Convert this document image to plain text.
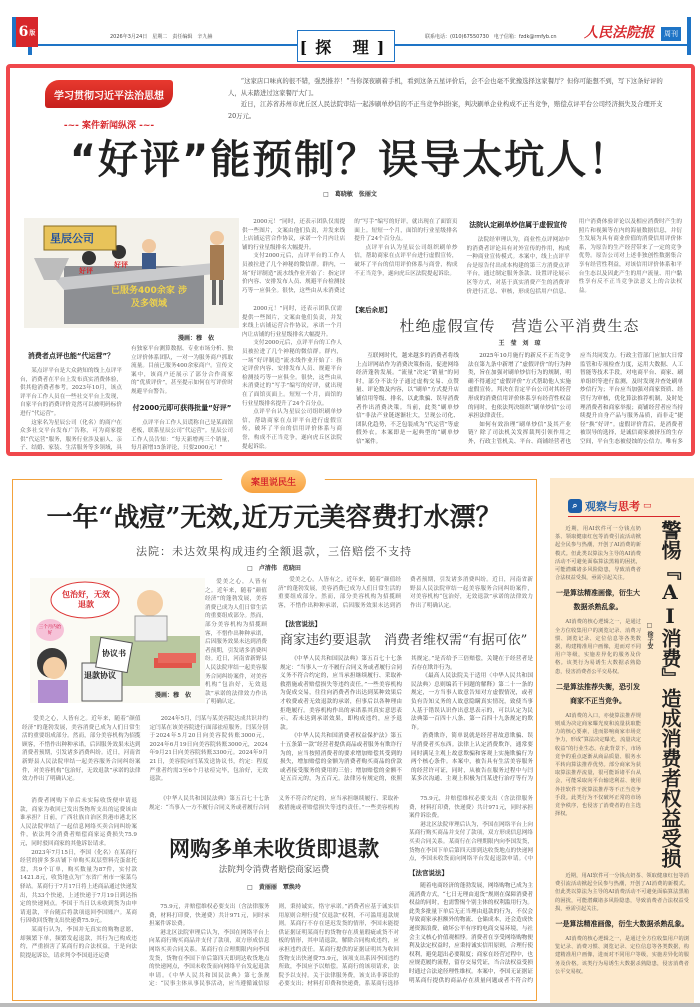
6 版
2026年3月24日　 星期二　 责任编辑　辛九赫
[探 理]
联系电话：(010)67550730　 电子信箱：fzdk@rmfyb.cn 人民法院报	周刊
学习贯彻习近平法治思想
-~- 案件新闻纵深 -~-

“这家店口味真的很不错，强烈推荐！”当你深夜刷着手机，看到这条五星评价后，会不会也毫不犹豫选择这家餐厅？但你可能想不到，写下这条好评的人，从未踏进过这家餐厅大门。

近日，江苏省苏州市虎丘区人民法院审结一起涉刷单炒信的不正当竞争纠纷案，判决刷单企业构成不正当竞争，赔偿点评平台公司经济损失及合理开支20万元。

“好评”能预制？误导太坑人！
□　葛晓敏　张丽文
星辰公司
已服务400余家 涉及多领域
好评
好评
漫画：穆　依

2000元！”同时，还表示团队仅需提供一些图片，文案由他们负责，并发来线上店铺运营合作协议，承诺一个月内让店铺的行业星级排名大幅提升。

支付2000元后，点评平台的工作人员被拉进了几个神秘的微信群。群内，一场“好评制造”流水线作业开始了：指定评价内容、安排发布人员、规避平台检测技巧等一应俱全。很快，这些由从未消费过的“写手”编写的好评，就出现在了面馆页面上。短短一个月，面馆的行业星级排名提升了24个百分点。

点评平台认为星辰公司组织刷单炒信，帮助商家在点评平台进行虚假宣传，破坏了平台的信用评价体系与商誉，构成不正当竞争，遂向虎丘区法院提起诉讼。

法院认定刷单炒信属于虚假宣传

法院经审理认为，商业性点评网站中的消费者评论具有对外宣传的作用，构成一种商业宣传模式。本案中，线上点评平台是原告付出成本构建的第三方消费点评平台，通过制定服务条款、设置评论展示区等方式，对基于真实消费产生的消费评价进行汇总、审核，形成包括用户信息、用户消费体验评论以及相应消费时产生的照片和视频等在内的海量数据信息，并衍生发展为具有商业价值的消费信用评价体系，为原告的生产经营带来了一定的竞争优势。原告公司对上述非独创性数据集合享有经营性利益，对该信用评价体系和平台生态以及因此产生的用户流量、用户黏性享有反不正当竞争法意义上的合法权益。

消费者点评也能“代运营”？

某点评平台是大众熟知的线上点评平台，消费者在平台上发布真实消费体验，供其他消费者参考。2023年10月，该点评平台工作人员在一些社交平台上发现，自家平台的消费评价竟然可以被明码标价进行“代运营”。

这家名为星辰公司（化名）的商户在众多社交平台发布广告称，可为商家提供“代运营”服务，服务行业涉及丽人、亲子、结婚、家装、生活服务等多领域，具有独家平台测算数据、专业市场分析、独立评价体系团队，一对一为服务商户抓取流量。目前已服务400余家商户。宣传文案中，该商户还展示了部分合作商家的“优质评价”，甚至提示如何在写评价时规避平台警告。

付2000元即可获得批量“好评”

点评平台工作人员谎称自己是某面馆老板，联系星辰公司“代运营”。星辰公司工作人员告知：“每天新增两三个销量，每月新增15条评论，只要2000元！”

2000元！”同时，还表示团队仅需提供一些图片，文案由他们负责，并发来线上店铺运营合作协议，承诺一个月内让店铺的行业星级排名大幅提升。

支付2000元后，点评平台的工作人员被拉进了几个神秘的微信群。群内，一场“好评制造”流水线作业开始了：指定评价内容、安排发布人员、规避平台检测技巧等一应俱全。很快，这些由从未消费过的“写手”编写的好评，就出现在了面馆页面上。短短一个月，面馆的行业星级排名提升了24个百分点。

点评平台认为星辰公司组织刷单炒信，帮助商家在点评平台进行虚假宣传，破坏了平台的信用评价体系与商誉，构成不正当竞争，遂向虎丘区法院提起诉讼。

【案后余思】
杜绝虚假宣传　营造公平消费生态
王　莹　刘　琼

互联网时代，越来越多的消费者将线上点评网站作为消费决策指南，促进网络经济蓬勃发展。“流量”决定“销量”的同时，部分不法分子通过虚构交易、点赞量、评论数及内容，以“刷单”方式提升店铺信用等级、排名，以此欺骗、误导消费者作出消费决策。当前，此类“刷单炒信”非法产业链逐渐壮大，呈现公司化、团队化趋势，不乏包装成为“代运营”等虚假外衣。本案即是一起典型的“刷单炒信”案件。

2025年10月施行的新反不正当竞争法在第九条中新增了“虚假评价”的行为种类，旨在加强对刷单炒信行为的规制，明确不得通过“虚假评价”方式帮助他人实施虚假宣传。判决在肯定平台公司对其经营形成的消费信用评价体系享有经营性权益的同时，也依法判决组织“刷单炒信”公司承担法律责任。

如何有效治理“刷单炒信”及其产业链？除了司法机关发挥裁判引领作用之外，行政主管机关、平台、商铺经营者也应当共同发力。行政主管部门应加大日常监管和专项检查力度，运用大数据、人工智能等技术手段，对电商平台、商家、刷单组织等进行监测，及时发现并查处刷单炒信行为；平台应当加强对商家资质、经营行为审核，优化算法推荐机制，及时处理消费者和商家举报；商铺经营者应当持续提升自身产品与服务品质，而非走“捷径”换“好评”。虚假评价背后，是消费者被误导的选择，是诚信商家被挤压的生存空间，平台生态被侵蚀的公信力。唯有多

案里说民生
一年“战痘”无效,近万元美容费打水漂？
法院：未达效果构成违约全额退款，三倍赔偿不支持
□　卢清伟　范晓田
包治好，无效退款
三个月内治好
协议书
退款协议
漫画：穆　依

爱美之心，人皆有之。近年来，随着“颜值经济”的蓬勃发展，美容消费已成为人们日常生活的重要组成部分。然而，部分美容机构为招揽顾客，不惜作出种种承诺，后因服务效果未达到消费者预期，引发诸多消费纠纷。近日，河南省新野县人民法院审结一起美容服务合同纠纷案件，对美容机构“包治好，无效退款”承诺的法律效力作出了明确认定。

爱美之心，人皆有之。近年来，随着“颜值经济”的蓬勃发展，美容消费已成为人们日常生活的重要组成部分。然而，部分美容机构为招揽顾客，不惜作出种种承诺，后因服务效果未达到消费者预期，引发诸多消费纠纷。近日，河南省新野县人民法院审结一起美容服务合同纠纷案件，对美容机构“包治好，无效退款”承诺的法律效力作出了明确认定。

2024年5月，闫某与某美容院达成共识并约定闫某在该美容院进行面部祛痘服务。闫某分别于2024年5月20日向美容院转账3000元，2024年6月19日向美容院转账3000元，2024年9月21日向美容院转账3300元。2024年9月21日，美容院向闫某发送协议书，约定：程度严重者约需3至6个月祛痘完毕，包治好，无效退款。

爱美之心，人皆有之。近年来，随着“颜值经济”的蓬勃发展，美容消费已成为人们日常生活的重要组成部分。然而，部分美容机构为招揽顾客，不惜作出种种承诺，后因服务效果未达到消费者预期，引发诸多消费纠纷。近日，河南省新野县人民法院审结一起美容服务合同纠纷案件，对美容机构“包治好，无效退款”承诺的法律效力作出了明确认定。

【法官说法】
商家违约要退款　消费者维权需“有据可依”

《中华人民共和国民法典》第五百七十七条规定：“当事人一方不履行合同义务或者履行合同义务不符合约定的，应当承担继续履行、采取补救措施或者赔偿损失等违约责任。”一些美容机构为促成交易，往往向消费者作出达到某种效果后才收费或者无效退款的承诺，但事后以各种理由拒绝履行。美容机构作出的承诺系其真实意思表示，若未达到承诺效果，即构成违约，应予退款。

《中华人民共和国消费者权益保护法》第五十五条第一款“经营者提供商品或者服务有欺诈行为的，应当按照消费者的要求增加赔偿其受到的损失，增加赔偿的金额为消费者购买商品的价款或者接受服务的费用的三倍；增加赔偿的金额不足五百元的，为五百元。法律另有规定的，依照其规定。”是否给予三倍赔偿，关键在于经营者是否存在欺诈行为。

《最高人民法院关于适用〈中华人民共和国民法典〉总则编若干问题的解释》第二十一条的规定，一方当事人故意告知对方虚假情况，或者负有告知义务的人故意隐瞒真实情况，致使当事人基于错误认识作出意思表示的，可以认定为民法典第一百四十八条、第一百四十九条规定的欺诈。

消费欺诈，简单说就是经营者故意欺骗、误导消费者买东西。法律上认定消费欺诈，通常要同时满足主观上故意欺骗和客观上实施欺骗行为两个核心条件。本案中，被告具有生活美容服务的经营许可证，同时，从被告在服务过程中与闫某多次沟通、主观上积极为闫某进行治疗等行为

消费者网购下单后未实际收货便申请退款，商家为收回已发出货物所支出的运费该由谁承担？日前，广西壮族自治区贵港市港北区人民法院审结了一起信息网络买卖合同纠纷案件，依法判令消费者赔偿商家运费损失75.9元，同时驳回商家的其他诉讼请求。

2023年7月15日，李国（化名）在某商行经营的拼多多店铺下单购买双层塑料壳蛋盆托盘，共9个订单，购买数量为87件，实付款1421.8元，收货地点为广东省广州市一家菜鸟驿站。某商行于7月17日将上述商品通过快递发出，共33个快递，上述快递于7月19日到达指定的快递网点。李国于当日以未收到货为由申请退款，平台随后将款项退回李国账户。某商行因收回货物支出快递费75.9元。

某商行认为，李国并无真实的购物意愿，却频繁下单，频繁发起退款，其行为已构成违约，严重损害了某商行的合法权益，于是向法院提起诉讼，请求判令李国退还运费

《中华人民共和国民法典》第五百七十七条规定：“当事人一方不履行合同义务或者履行合同义务不符合约定的，应当承担继续履行、采取补救措施或者赔偿损失等违约责任。”一些美容机构

网购多单未收货即退款
法院判令消费者赔偿商家运费
□　黄丽丽　覃焕玲

75.9元，并赔偿维权必要支出（含法律服务费，材料打印费，快递费）共计971元，同时承担案件诉讼费。

港北区法院审理后认为，李国在网络平台上向某商行购买商品并支付了款项，双方形成信息网络买卖合同关系。某商行在合理期限内向李国发货，货物在李国下单后第四天即到达收货地点的快递网点，李国未收货而向网络平台发起退款申请。《中华人民共和国民法典》第七条规定：“民事主体从事民事活动，应当遵循诚信原则，秉持诚实，恪守承诺。”消费者应基于诚实信用原则合理行使“仅退款”权利，不可滥用退款规则。某商行不存在延迟发货的情形，李国未能提供证据证明某商行的货物存在质量瑕疵或货不对板的情形，其申请退款，解除合同构成违约，应承担违约责任。某商行提供的证据证明其为收回货物支出快递费75.9元，该项支出系因李国违约所致，李国应予以赔偿。某商行的该项请求，法院予以支持。关于法律服务费，该支出非诉讼的必要支出；材料打印费和快递费，系某商行选择

75.9元，并赔偿维权必要支出（含法律服务费，材料打印费，快递费）共计971元，同时承担案件诉讼费。

港北区法院审理后认为，李国在网络平台上向某商行购买商品并支付了款项，双方形成信息网络买卖合同关系。某商行在合理期限内向李国发货，货物在李国下单后第四天即到达收货地点的快递网点，李国未收货而向网络平台发起退款申请。《中

【法官说法】

随着电商经济的蓬勃发展，网络购物已成为主流消费方式，“七日无理由退货”规则在保障消费者权益的同时，也需警惕个别主体的权利滥用行为。此类多批量下单后无正当理由退款的行为，不仅会导致商家承担额外的物流、仓储成本，还会造成快递资源浪费，破坏公平有序的电商交易环境，与社会主义核心价值观相悖。消费者在享受网络购物便利及法定权益时，应秉持诚实信用原则，合理行使权利，避免超出必要限度；商家在经营过程中，也应规范履约流程，留存交易凭证，当合法权益受损时通过合法途径理性维权。本案中，李国无证据证明某商行提供的商品存在质量问题或者不符合约

⌕ 观察与 思考 ▭
警惕『AI消费』造成消费者权益受损
□ 徐子安

近期，用AI软件可一分钱点奶茶、领取健康红包等消费引流活动掀起全民参与热潮，开创了AI消费的新模式。但此类以算法为主导的AI消费活动不可避免面临算法黑箱的困扰，可能潜藏诸多风险隐患，导致消费者合法权益受损，亟需引起关注。

一是算法精准画像，衍生大数据杀熟乱象。

AI消费的核心逻辑之一，是通过全方位收集用户的浏览记录、消费习惯、浏览记录、定位信息等各类数据，构建精准用户画像，进而对不同用户等级，实施差异化的服务及价格。该类行为易诱生大数据杀熟隐患，侵害消费者公平交易权。

二是算法推荐失衡，恐引发商家不正当竞争。

AI消费的入口，亦使算法推荐规则成为决定商家曝光度和流量获取能力的核心要素，进而影响商家市场竞争力，形成“算法决定曝光，流量决定收益”的行业生态。在此背景下，市场竞争的重点逐渐从商品质量、服务水平转向算法推荐优势。部分商家为获取算法推荐流量，很可能诉诸平台从会，可能采取向平台输送利益、使用外挂软件干扰算法推荐等不正当竞争手段。此类行为不仅破坏正常的市场竞争秩序，也侵害了消费者的自主选择权。

近期，用AI软件可一分钱点奶茶、领取健康红包等消费引流活动掀起全民参与热潮，开创了AI消费的新模式。但此类以算法为主导的AI消费活动不可避免面临算法黑箱的困扰，可能潜藏诸多风险隐患，导致消费者合法权益受损，亟需引起关注。

一是算法精准画像，衍生大数据杀熟乱象。

AI消费的核心逻辑之一，是通过全方位收集用户的浏览记录、消费习惯、浏览记录、定位信息等各类数据，构建精准用户画像，进而对不同用户等级，实施差异化的服务及价格。该类行为易诱生大数据杀熟隐患，侵害消费者公平交易权。
